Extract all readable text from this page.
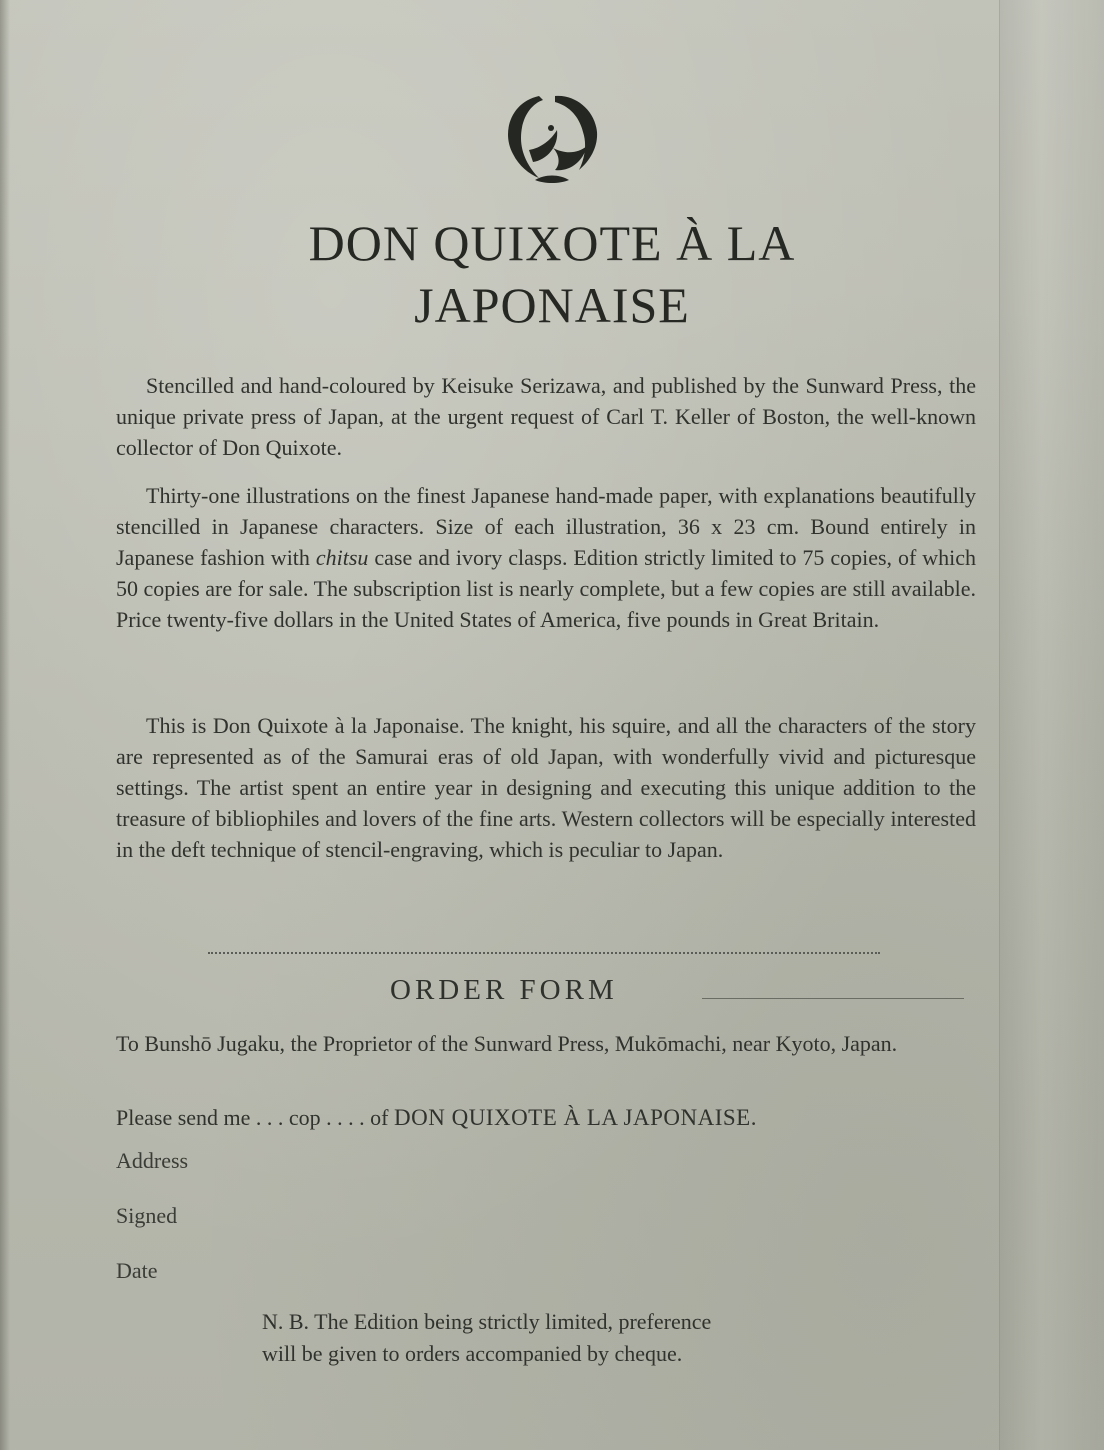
DON QUIXOTE À LA
JAPONAISE

Stencilled and hand-coloured by Keisuke Serizawa, and published by the Sunward Press, the unique private press of Japan, at the urgent request of Carl T. Keller of Boston, the well-known collector of Don Quixote.

Thirty-one illustrations on the finest Japanese hand-made paper, with explanations beautifully stencilled in Japanese characters. Size of each illustration, 36 x 23 cm. Bound entirely in Japanese fashion with chitsu case and ivory clasps. Edition strictly limited to 75 copies, of which 50 copies are for sale. The subscription list is nearly complete, but a few copies are still available. Price twenty-five dollars in the United States of America, five pounds in Great Britain.

This is Don Quixote à la Japonaise. The knight, his squire, and all the characters of the story are represented as of the Samurai eras of old Japan, with wonderfully vivid and picturesque settings. The artist spent an entire year in designing and executing this unique addition to the treasure of bibliophiles and lovers of the fine arts. Western collectors will be especially interested in the deft technique of stencil-engraving, which is peculiar to Japan.

ORDER FORM
To Bunshō Jugaku, the Proprietor of the Sunward Press, Mukōmachi, near Kyoto, Japan.
Please send me . . . cop . . . . of DON QUIXOTE À LA JAPONAISE.
Address
Signed
Date
N. B. The Edition being strictly limited, preference
will be given to orders accompanied by cheque.
